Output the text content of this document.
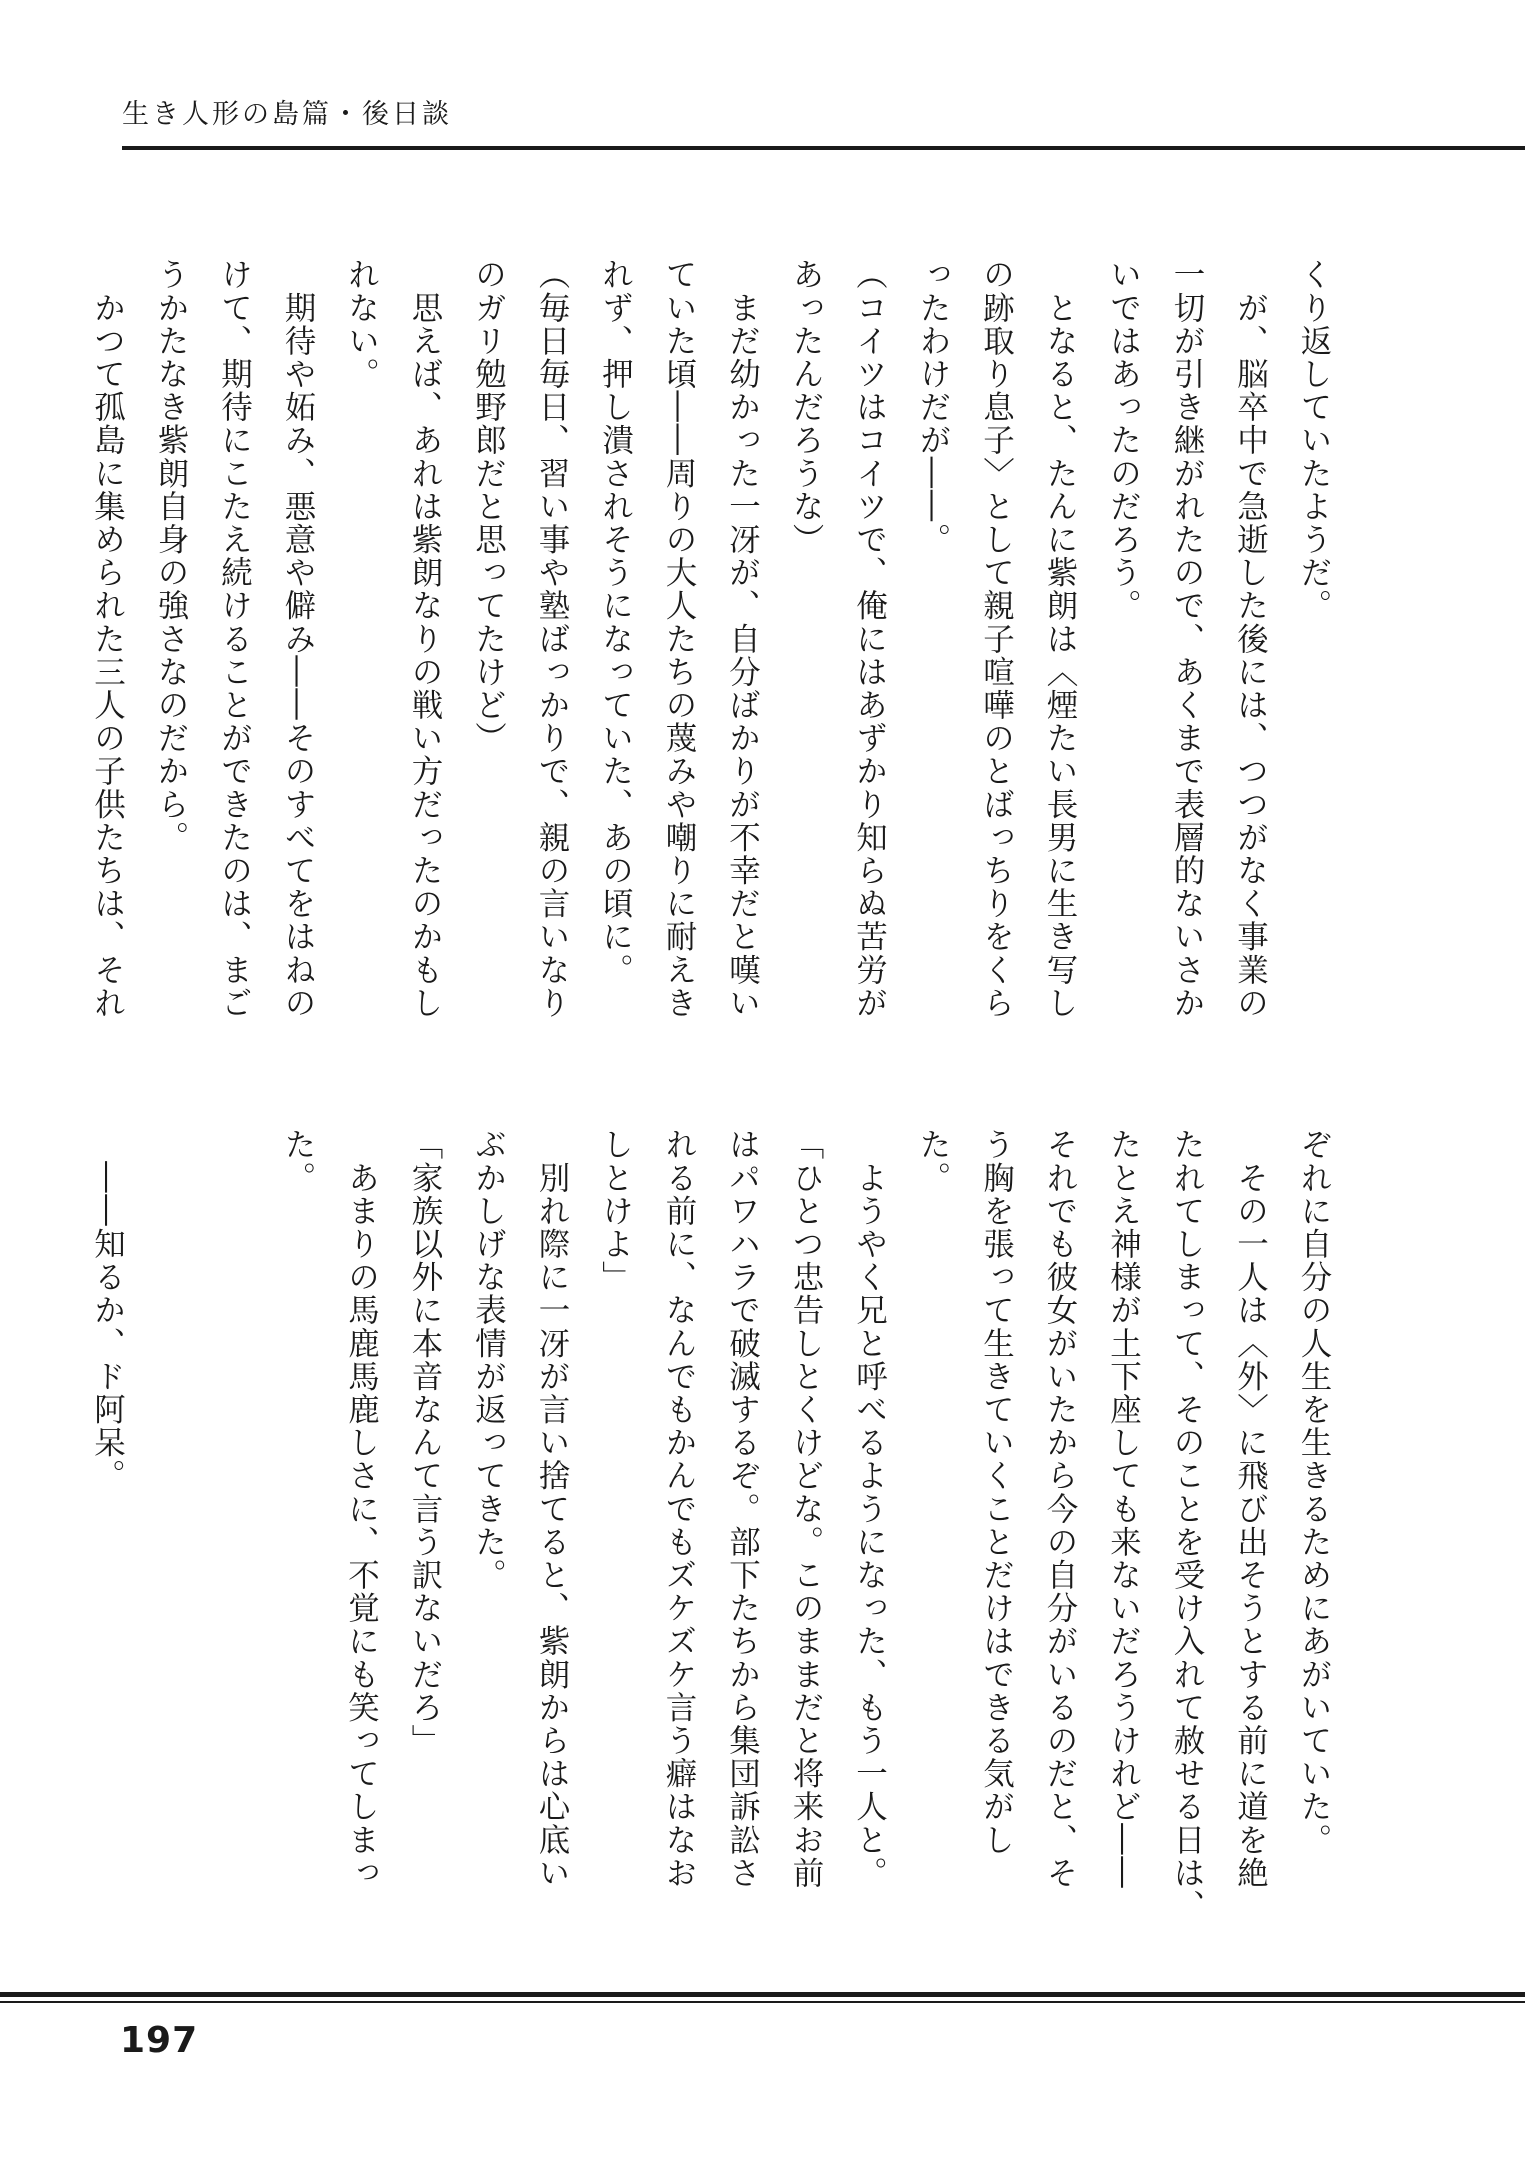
生き人形の島篇・後日談
くり返していたようだ。
　が、脳卒中で急逝した後には、つつがなく事業の
一切が引き継がれたので、あくまで表層的ないさか
いではあったのだろう。
　となると、たんに紫朗は〈煙たい長男に生き写し
の跡取り息子〉として親子喧嘩のとばっちりをくら
ったわけだが――。
（コイツはコイツで、俺にはあずかり知らぬ苦労が
あったんだろうな）
　まだ幼かった一冴が、自分ばかりが不幸だと嘆い
ていた頃――周りの大人たちの蔑みや嘲りに耐えき
れず、押し潰されそうになっていた、あの頃に。
（毎日毎日、習い事や塾ばっかりで、親の言いなり
のガリ勉野郎だと思ってたけど）
　思えば、あれは紫朗なりの戦い方だったのかもし
れない。
　期待や妬み、悪意や僻み――そのすべてをはねの
けて、期待にこたえ続けることができたのは、まご
うかたなき紫朗自身の強さなのだから。
　かつて孤島に集められた三人の子供たちは、それ
ぞれに自分の人生を生きるためにあがいていた。
　その一人は〈外〉に飛び出そうとする前に道を絶
たれてしまって、そのことを受け入れて赦せる日は、
たとえ神様が土下座しても来ないだろうけれど――
それでも彼女がいたから今の自分がいるのだと、そ
う胸を張って生きていくことだけはできる気がし
た。
　ようやく兄と呼べるようになった、もう一人と。
「ひとつ忠告しとくけどな。このままだと将来お前
はパワハラで破滅するぞ。部下たちから集団訴訟さ
れる前に、なんでもかんでもズケズケ言う癖はなお
しとけよ」
　別れ際に一冴が言い捨てると、紫朗からは心底い
ぶかしげな表情が返ってきた。
「家族以外に本音なんて言う訳ないだろ」
　あまりの馬鹿馬鹿しさに、不覚にも笑ってしまっ
た。

　――知るか、ド阿呆。
197
